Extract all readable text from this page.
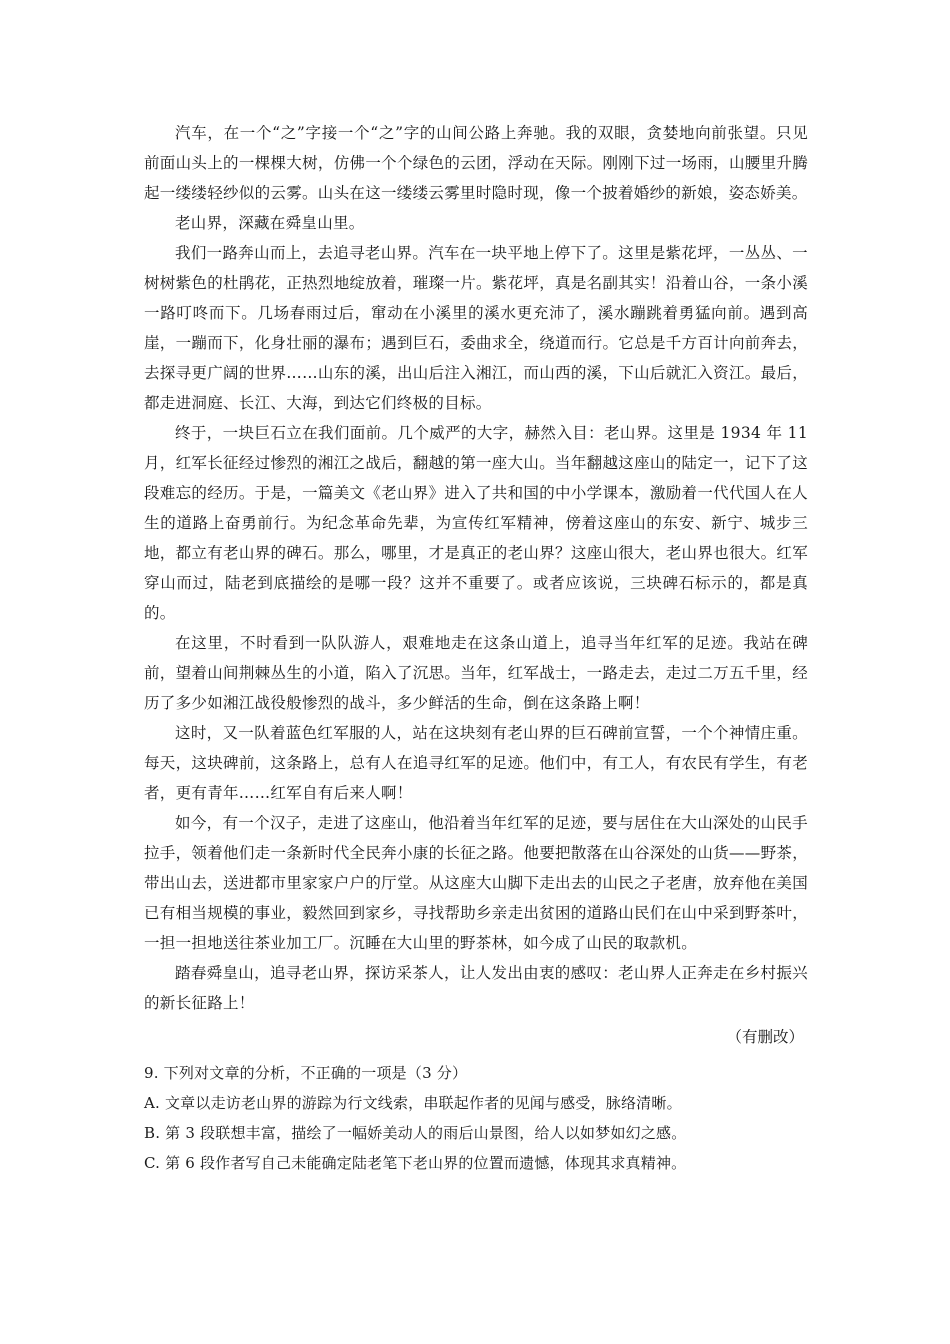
汽车，在一个“之”字接一个“之”字的山间公路上奔驰。我的双眼，贪婪地向前张望。只见前面山头上的一棵棵大树，仿佛一个个绿色的云团，浮动在天际。刚刚下过一场雨，山腰里升腾起一缕缕轻纱似的云雾。山头在这一缕缕云雾里时隐时现，像一个披着婚纱的新娘，姿态娇美。

老山界，深藏在舜皇山里。

我们一路奔山而上，去追寻老山界。汽车在一块平地上停下了。这里是紫花坪，一丛丛、一树树紫色的杜鹃花，正热烈地绽放着，璀璨一片。紫花坪，真是名副其实！沿着山谷，一条小溪一路叮咚而下。几场春雨过后，窜动在小溪里的溪水更充沛了，溪水蹦跳着勇猛向前。遇到高崖，一蹦而下，化身壮丽的瀑布；遇到巨石，委曲求全，绕道而行。它总是千方百计向前奔去，去探寻更广阔的世界……山东的溪，出山后注入湘江，而山西的溪，下山后就汇入资江。最后，都走进洞庭、长江、大海，到达它们终极的目标。

终于，一块巨石立在我们面前。几个威严的大字，赫然入目：老山界。这里是 1934 年 11 月，红军长征经过惨烈的湘江之战后，翻越的第一座大山。当年翻越这座山的陆定一，记下了这段难忘的经历。于是，一篇美文《老山界》进入了共和国的中小学课本，激励着一代代国人在人生的道路上奋勇前行。为纪念革命先辈，为宣传红军精神，傍着这座山的东安、新宁、城步三地，都立有老山界的碑石。那么，哪里，才是真正的老山界？这座山很大，老山界也很大。红军穿山而过，陆老到底描绘的是哪一段？这并不重要了。或者应该说，三块碑石标示的，都是真的。

在这里，不时看到一队队游人，艰难地走在这条山道上，追寻当年红军的足迹。我站在碑前，望着山间荆棘丛生的小道，陷入了沉思。当年，红军战士，一路走去，走过二万五千里，经历了多少如湘江战役般惨烈的战斗，多少鲜活的生命，倒在这条路上啊！

这时，又一队着蓝色红军服的人，站在这块刻有老山界的巨石碑前宣誓，一个个神情庄重。每天，这块碑前，这条路上，总有人在追寻红军的足迹。他们中，有工人，有农民有学生，有老者，更有青年……红军自有后来人啊！

如今，有一个汉子，走进了这座山，他沿着当年红军的足迹，要与居住在大山深处的山民手拉手，领着他们走一条新时代全民奔小康的长征之路。他要把散落在山谷深处的山货——野茶，带出山去，送进都市里家家户户的厅堂。从这座大山脚下走出去的山民之子老唐，放弃他在美国已有相当规模的事业，毅然回到家乡，寻找帮助乡亲走出贫困的道路山民们在山中采到野茶叶，一担一担地送往茶业加工厂。沉睡在大山里的野茶林，如今成了山民的取款机。

踏春舜皇山，追寻老山界，探访采茶人，让人发出由衷的感叹：老山界人正奔走在乡村振兴的新长征路上！

（有删改）

9. 下列对文章的分析，不正确的一项是（3 分）

A. 文章以走访老山界的游踪为行文线索，串联起作者的见闻与感受，脉络清晰。

B. 第 3 段联想丰富，描绘了一幅娇美动人的雨后山景图，给人以如梦如幻之感。

C. 第 6 段作者写自己未能确定陆老笔下老山界的位置而遗憾，体现其求真精神。
